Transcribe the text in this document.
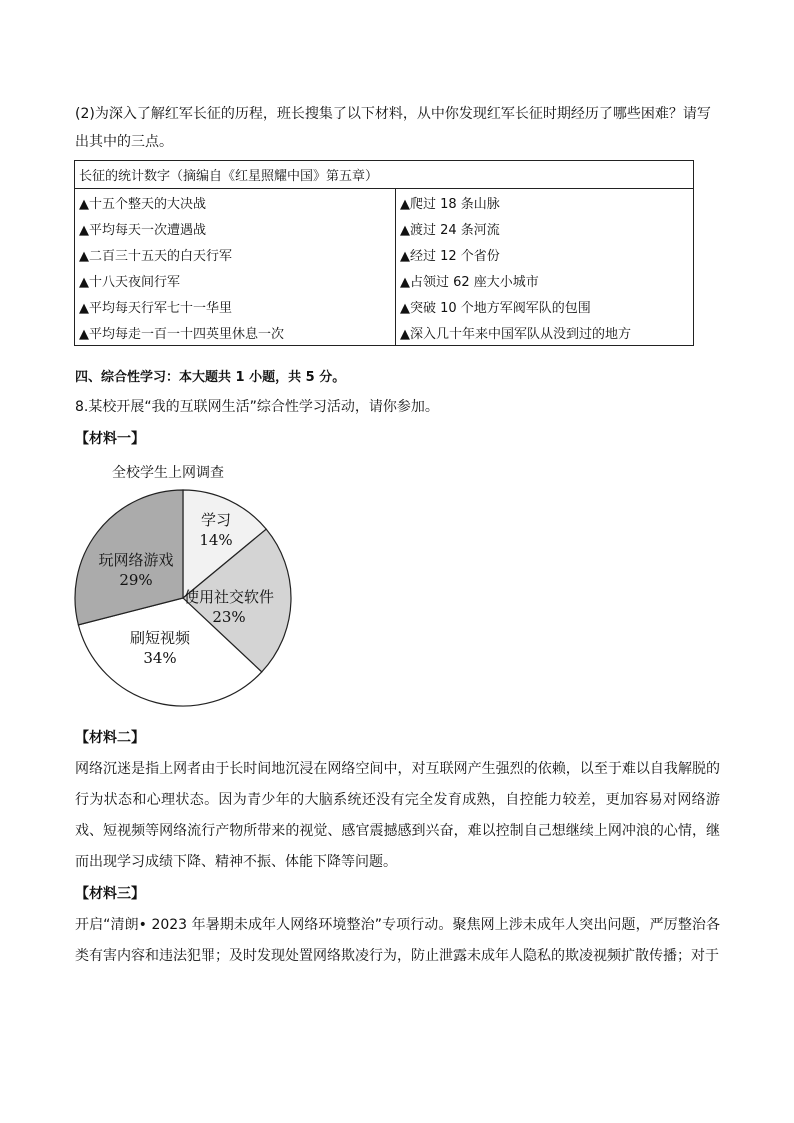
(2)为深入了解红军长征的历程，班长搜集了以下材料，从中你发现红军长征时期经历了哪些困难？请写出其中的三点。

长征的统计数字（摘编自《红星照耀中国》第五章）	
▲十五个整天的大决战	▲爬过 18 条山脉
▲平均每天一次遭遇战	▲渡过 24 条河流
▲二百三十五天的白天行军	▲经过 12 个省份
▲十八天夜间行军	▲占领过 62 座大小城市
▲平均每天行军七十一华里	▲突破 10 个地方军阀军队的包围
▲平均每走一百一十四英里休息一次	▲深入几十年来中国军队从没到过的地方

四、综合性学习：本大题共 1 小题，共 5 分。

8.某校开展“我的互联网生活”综合性学习活动，请你参加。

【材料一】

全校学生上网调查

学习
14%
使用社交软件
23%
刷短视频
34%
玩网络游戏
29%

【材料二】

网络沉迷是指上网者由于长时间地沉浸在网络空间中，对互联网产生强烈的依赖，以至于难以自我解脱的行为状态和心理状态。因为青少年的大脑系统还没有完全发育成熟，自控能力较差，更加容易对网络游戏、短视频等网络流行产物所带来的视觉、感官震撼感到兴奋，难以控制自己想继续上网冲浪的心情，继而出现学习成绩下降、精神不振、体能下降等问题。

【材料三】

开启“清朗• 2023 年暑期未成年人网络环境整治”专项行动。聚焦网上涉未成年人突出问题，严厉整治各类有害内容和违法犯罪；及时发现处置网络欺凌行为，防止泄露未成年人隐私的欺凌视频扩散传播；对于
